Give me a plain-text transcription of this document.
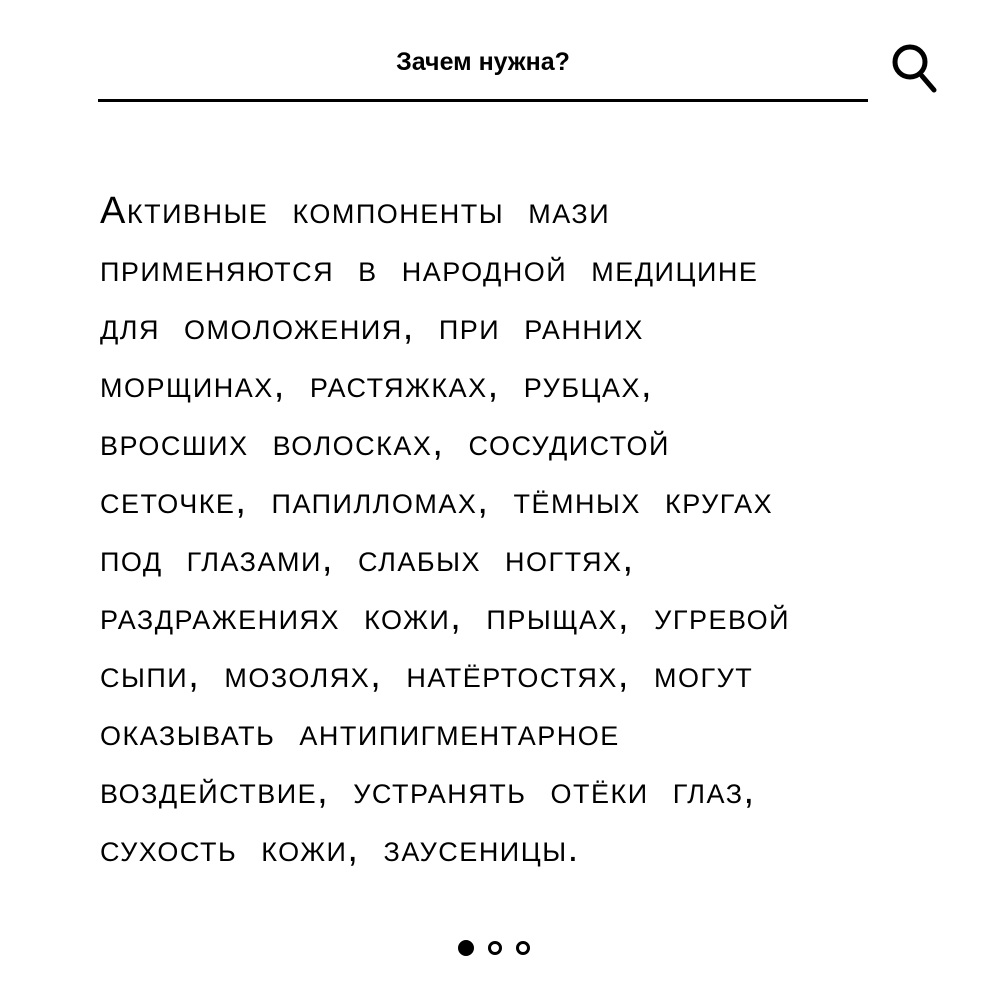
Зачем нужна?
Активные компоненты мази
применяются в народной медицине
для омоложения, при ранних
морщинах, растяжках, рубцах,
вросших волосках, сосудистой
сеточке, папилломах, тёмных кругах
под глазами, слабых ногтях,
раздражениях кожи, прыщах, угревой
сыпи, мозолях, натёртостях, могут
оказывать антипигментарное
воздействие, устранять отёки глаз,
сухость кожи, заусеницы.
